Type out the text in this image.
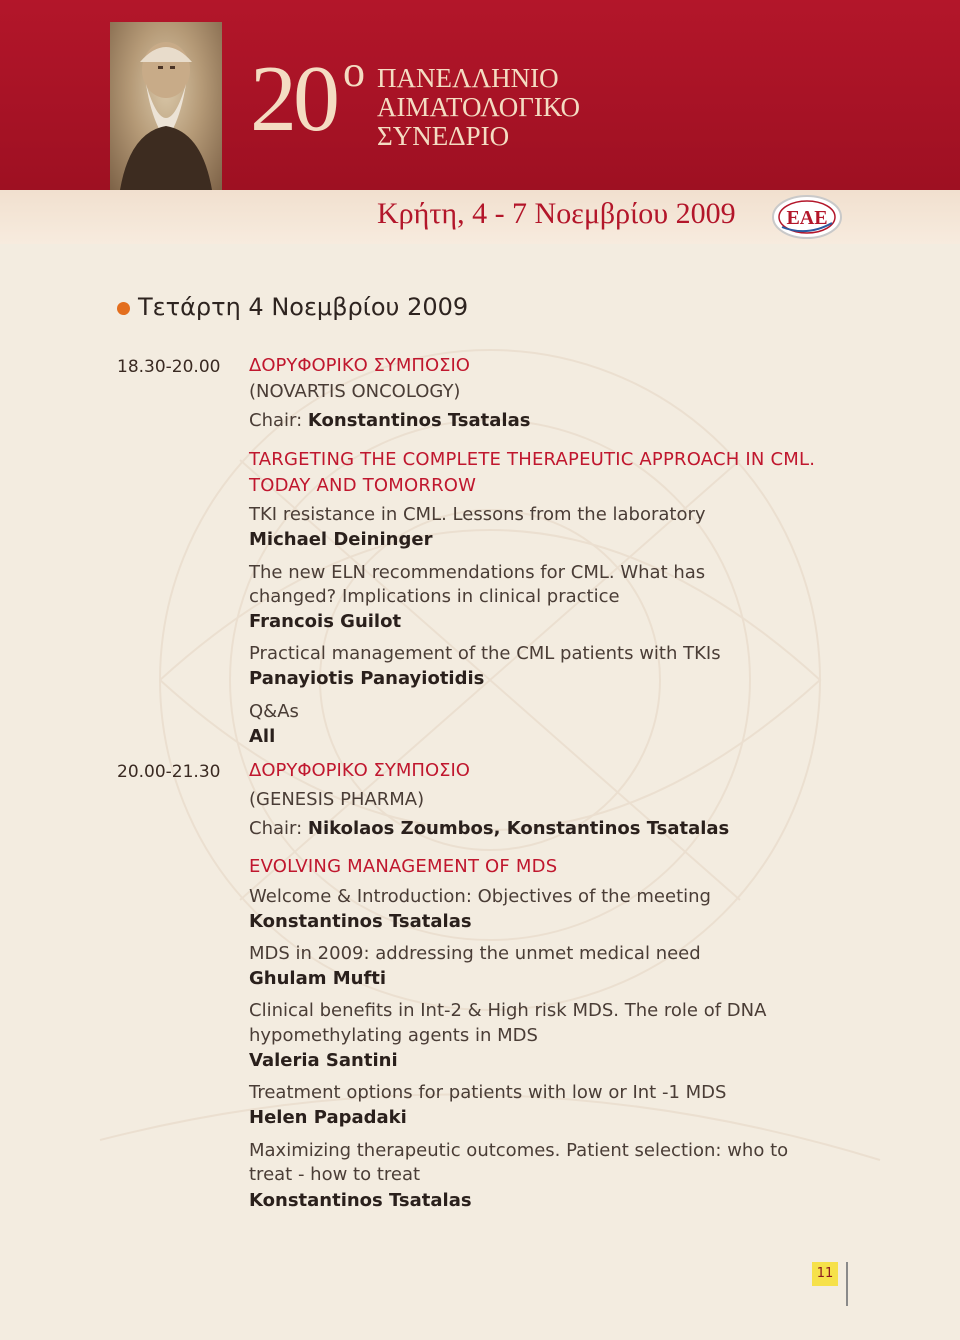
20 ο ΠΑΝΕΛΛΗΝΙΟ
ΑΙΜΑΤΟΛΟΓΙΚΟ
ΣΥΝΕΔΡΙΟ
Κρήτη, 4 - 7 Νοεμβρίου 2009	ΕΑΕ
Τετάρτη 4 Νοεμβρίου 2009
18.30-20.00 ΔΟΡΥΦΟΡΙΚΟ ΣΥΜΠΟΣΙΟ
(NOVARTIS ONCOLOGY)
Chair: Konstantinos Tsatalas
TARGETING THE COMPLETE THERAPEUTIC APPROACH IN CML.
TODAY AND TOMORROW
TKI resistance in CML. Lessons from the laboratory
Michael Deininger
The new ELN recommendations for CML. What has
changed? Implications in clinical practice
Francois Guilot
Practical management of the CML patients with TKIs
Panayiotis Panayiotidis
Q&As
All
20.00-21.30 ΔΟΡΥΦΟΡΙΚΟ ΣΥΜΠΟΣΙΟ
(GENESIS PHARMA)
Chair: Nikolaos Zoumbos, Konstantinos Tsatalas
EVOLVING MANAGEMENT OF MDS
Welcome & Introduction: Objectives of the meeting
Konstantinos Tsatalas
MDS in 2009: addressing the unmet medical need
Ghulam Mufti
Clinical benefits in Int-2 & High risk MDS. The role of DNA
hypomethylating agents in MDS
Valeria Santini
Treatment options for patients with low or Int -1 MDS
Helen Papadaki
Maximizing therapeutic outcomes. Patient selection: who to
treat - how to treat
Konstantinos Tsatalas
11
